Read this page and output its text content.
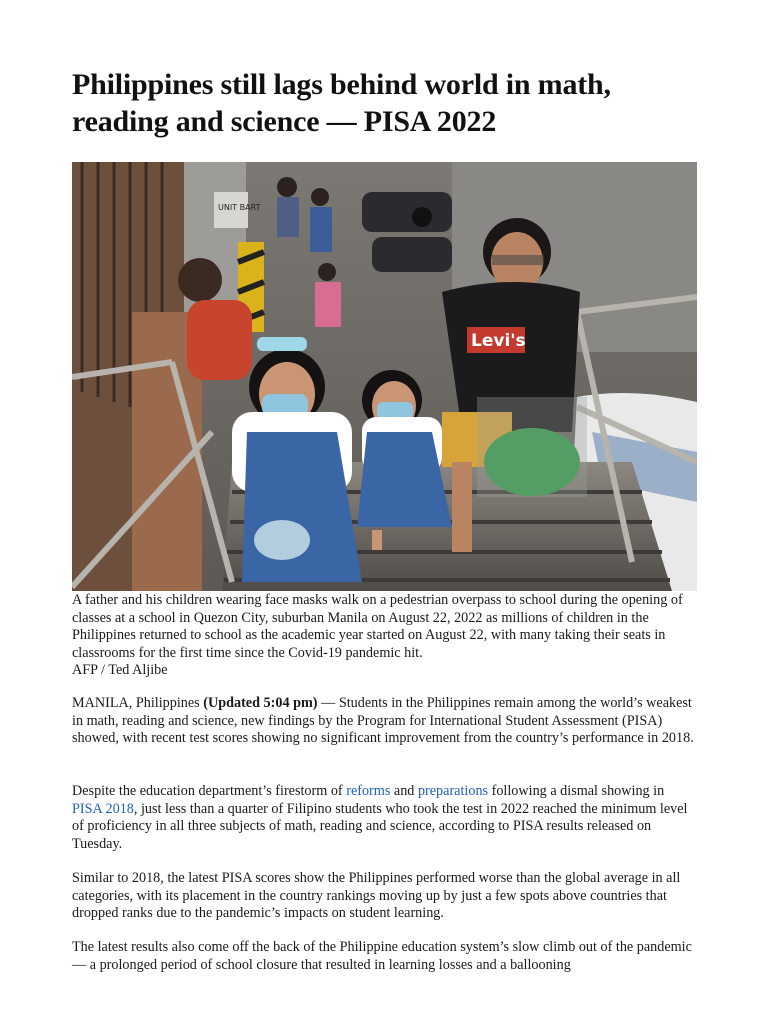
Philippines still lags behind world in math, reading and science — PISA 2022
UNIT BART
Levi's

A father and his children wearing face masks walk on a pedestrian overpass to school during the opening of classes at a school in Quezon City, suburban Manila on August 22, 2022 as millions of children in the Philippines returned to school as the academic year started on August 22, with many taking their seats in classrooms for the first time since the Covid-19 pandemic hit.
AFP / Ted Aljibe

MANILA, Philippines (Updated 5:04 pm) — Students in the Philippines remain among the world’s weakest in math, reading and science, new findings by the Program for International Student Assessment (PISA) showed, with recent test scores showing no significant improvement from the country’s performance in 2018.

Despite the education department’s firestorm of reforms and preparations following a dismal showing in PISA 2018, just less than a quarter of Filipino students who took the test in 2022 reached the minimum level of proficiency in all three subjects of math, reading and science, according to PISA results released on Tuesday.

Similar to 2018, the latest PISA scores show the Philippines performed worse than the global average in all categories, with its placement in the country rankings moving up by just a few spots above countries that dropped ranks due to the pandemic’s impacts on student learning.

The latest results also come off the back of the Philippine education system’s slow climb out of the pandemic — a prolonged period of school closure that resulted in learning losses and a ballooning
